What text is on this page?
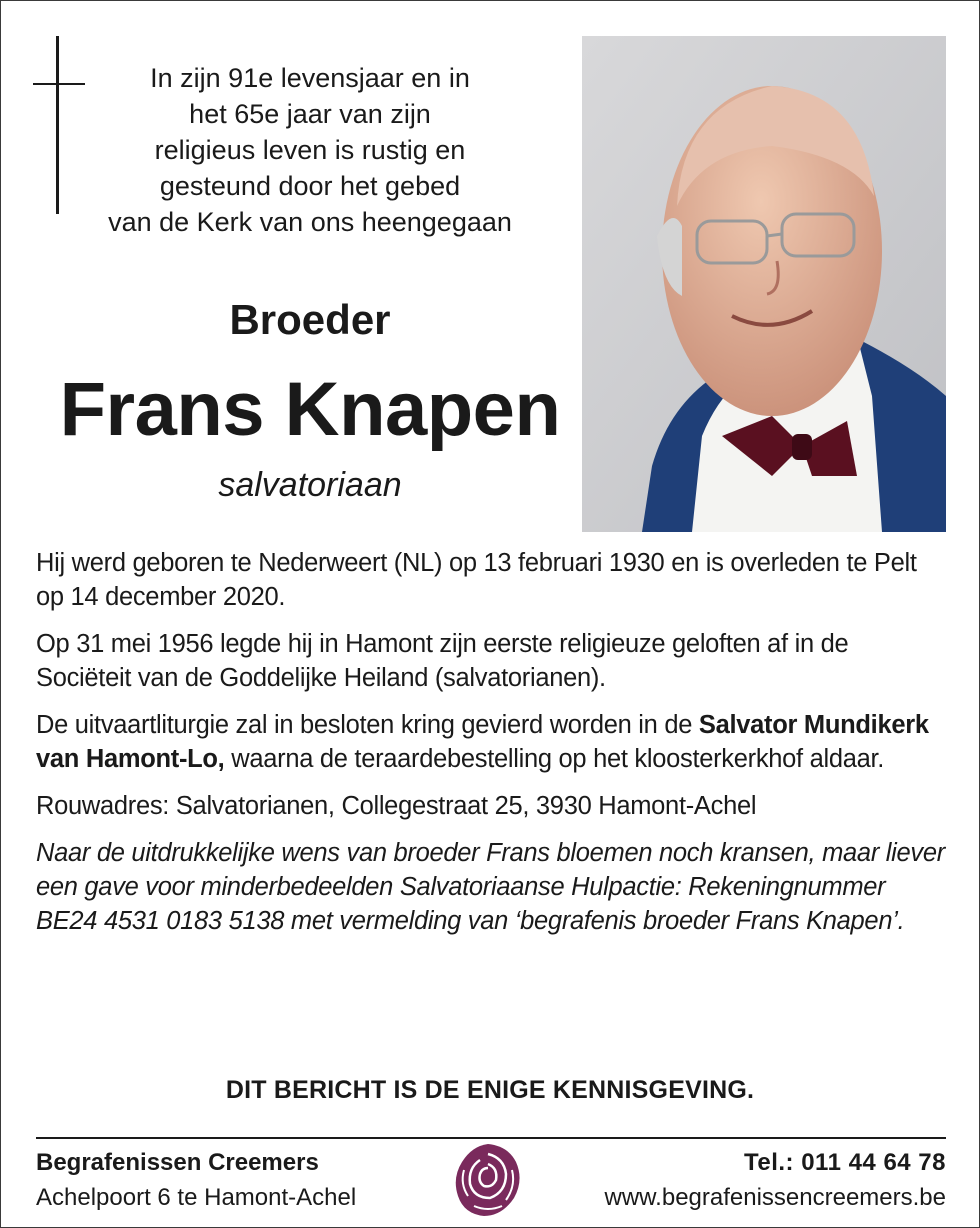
In zijn 91e levensjaar en in
het 65e jaar van zijn
religieus leven is rustig en
gesteund door het gebed
van de Kerk van ons heengegaan
Broeder
Frans Knapen
salvatoriaan

Hij werd geboren te Nederweert (NL) op 13 februari 1930 en is overleden te Pelt op 14 december 2020.

Op 31 mei 1956 legde hij in Hamont zijn eerste religieuze geloften af in de Sociëteit van de Goddelijke Heiland (salvatorianen).

De uitvaartliturgie zal in besloten kring gevierd worden in de Salvator Mundikerk van Hamont-Lo, waarna de teraardebestelling op het kloosterkerkhof aldaar.

Rouwadres: Salvatorianen, Collegestraat 25, 3930 Hamont-Achel

Naar de uitdrukkelijke wens van broeder Frans bloemen noch kransen, maar liever een gave voor minderbedeelden Salvatoriaanse Hulpactie: Rekeningnummer BE24 4531 0183 5138 met vermelding van ‘begrafenis broeder Frans Knapen’.

DIT BERICHT IS DE ENIGE KENNISGEVING.
Begrafenissen Creemers
Achelpoort 6 te Hamont-Achel
Tel.: 011 44 64 78
www.begrafenissencreemers.be
